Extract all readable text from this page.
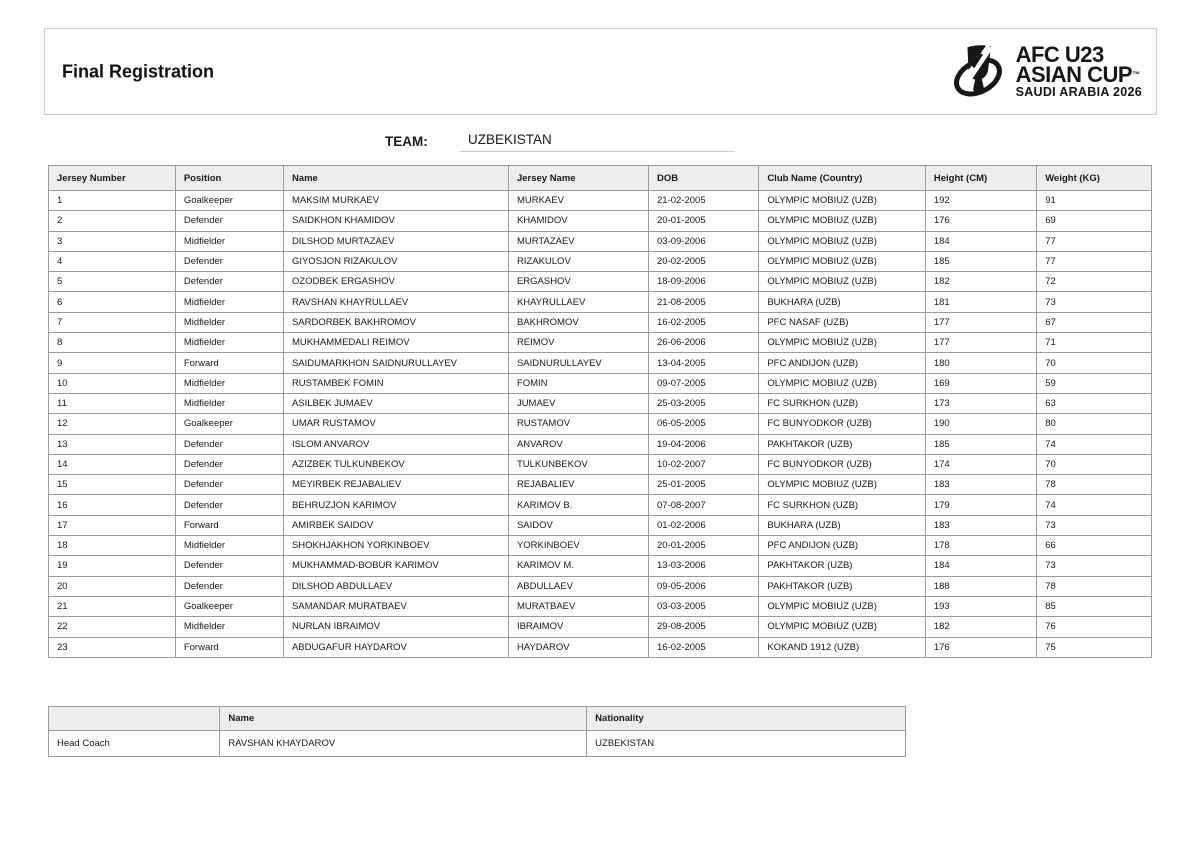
Final Registration
AFC U23
ASIAN CUP™
SAUDI ARABIA 2026
TEAM:	UZBEKISTAN
Jersey Number	Position	Name	Jersey Name	DOB	Club Name (Country)	Height (CM)	Weight (KG)
1	Goalkeeper	MAKSIM MURKAEV	MURKAEV	21-02-2005	OLYMPIC MOBIUZ (UZB)	192	91
2	Defender	SAIDKHON KHAMIDOV	KHAMIDOV	20-01-2005	OLYMPIC MOBIUZ (UZB)	176	69
3	Midfielder	DILSHOD MURTAZAEV	MURTAZAEV	03-09-2006	OLYMPIC MOBIUZ (UZB)	184	77
4	Defender	GIYOSJON RIZAKULOV	RIZAKULOV	20-02-2005	OLYMPIC MOBIUZ (UZB)	185	77
5	Defender	OZODBEK ERGASHOV	ERGASHOV	18-09-2006	OLYMPIC MOBIUZ (UZB)	182	72
6	Midfielder	RAVSHAN KHAYRULLAEV	KHAYRULLAEV	21-08-2005	BUKHARA (UZB)	181	73
7	Midfielder	SARDORBEK BAKHROMOV	BAKHROMOV	16-02-2005	PFC NASAF (UZB)	177	67
8	Midfielder	MUKHAMMEDALI REIMOV	REIMOV	26-06-2006	OLYMPIC MOBIUZ (UZB)	177	71
9	Forward	SAIDUMARKHON SAIDNURULLAYEV	SAIDNURULLAYEV	13-04-2005	PFC ANDIJON (UZB)	180	70
10	Midfielder	RUSTAMBEK FOMIN	FOMIN	09-07-2005	OLYMPIC MOBIUZ (UZB)	169	59
11	Midfielder	ASILBEK JUMAEV	JUMAEV	25-03-2005	FC SURKHON (UZB)	173	63
12	Goalkeeper	UMAR RUSTAMOV	RUSTAMOV	06-05-2005	FC BUNYODKOR (UZB)	190	80
13	Defender	ISLOM ANVAROV	ANVAROV	19-04-2006	PAKHTAKOR (UZB)	185	74
14	Defender	AZIZBEK TULKUNBEKOV	TULKUNBEKOV	10-02-2007	FC BUNYODKOR (UZB)	174	70
15	Defender	MEYIRBEK REJABALIEV	REJABALIEV	25-01-2005	OLYMPIC MOBIUZ (UZB)	183	78
16	Defender	BEHRUZJON KARIMOV	KARIMOV B.	07-08-2007	FC SURKHON (UZB)	179	74
17	Forward	AMIRBEK SAIDOV	SAIDOV	01-02-2006	BUKHARA (UZB)	183	73
18	Midfielder	SHOKHJAKHON YORKINBOEV	YORKINBOEV	20-01-2005	PFC ANDIJON (UZB)	178	66
19	Defender	MUKHAMMAD-BOBUR KARIMOV	KARIMOV M.	13-03-2006	PAKHTAKOR (UZB)	184	73
20	Defender	DILSHOD ABDULLAEV	ABDULLAEV	09-05-2006	PAKHTAKOR (UZB)	188	78
21	Goalkeeper	SAMANDAR MURATBAEV	MURATBAEV	03-03-2005	OLYMPIC MOBIUZ (UZB)	193	85
22	Midfielder	NURLAN IBRAIMOV	IBRAIMOV	29-08-2005	OLYMPIC MOBIUZ (UZB)	182	76
23	Forward	ABDUGAFUR HAYDAROV	HAYDAROV	16-02-2005	KOKAND 1912 (UZB)	176	75
	Name	Nationality
Head Coach	RAVSHAN KHAYDAROV	UZBEKISTAN
